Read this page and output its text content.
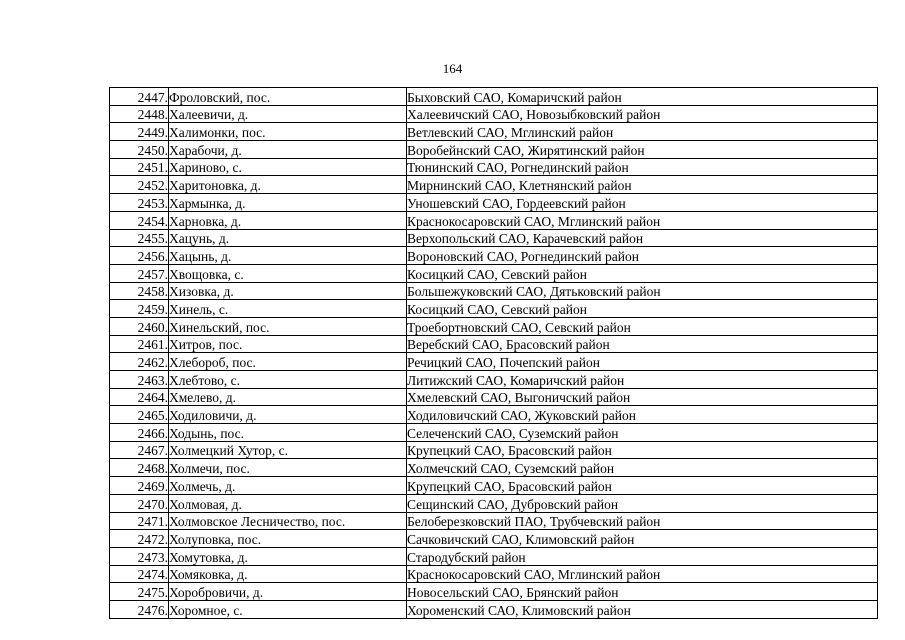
164
2447.	Фроловский, пос.	Быховский САО, Комаричский район
2448.	Халеевичи, д.	Халеевичский САО, Новозыбковский район
2449.	Халимонки, пос.	Ветлевский САО, Мглинский район
2450.	Харабочи, д.	Воробейнский САО, Жирятинский район
2451.	Хариново, с.	Тюнинский САО, Рогнединский район
2452.	Харитоновка, д.	Мирнинский САО, Клетнянский район
2453.	Хармынка, д.	Уношевский САО, Гордеевский район
2454.	Харновка, д.	Краснокосаровский САО, Мглинский район
2455.	Хацунь, д.	Верхопольский САО, Карачевский район
2456.	Хацынь, д.	Вороновский САО, Рогнединский район
2457.	Хвощовка, с.	Косицкий САО, Севский район
2458.	Хизовка, д.	Большежуковский САО, Дятьковский район
2459.	Хинель, с.	Косицкий САО, Севский район
2460.	Хинельский, пос.	Троебортновский САО, Севский район
2461.	Хитров, пос.	Веребский САО, Брасовский район
2462.	Хлебороб, пос.	Речицкий САО, Почепский район
2463.	Хлебтово, с.	Литижский САО, Комаричский район
2464.	Хмелево, д.	Хмелевский САО, Выгоничский район
2465.	Ходиловичи, д.	Ходиловичский САО, Жуковский район
2466.	Ходынь, пос.	Селеченский САО, Суземский район
2467.	Холмецкий Хутор, с.	Крупецкий САО, Брасовский район
2468.	Холмечи, пос.	Холмечский САО, Суземский район
2469.	Холмечь, д.	Крупецкий САО, Брасовский район
2470.	Холмовая, д.	Сещинский САО, Дубровский район
2471.	Холмовское Лесничество, пос.	Белоберезковский ПАО, Трубчевский район
2472.	Холуповка, пос.	Сачковичский САО, Климовский район
2473.	Хомутовка, д.	Стародубский район
2474.	Хомяковка, д.	Краснокосаровский САО, Мглинский район
2475.	Хоробровичи, д.	Новосельский САО, Брянский район
2476.	Хоромное, с.	Хороменский САО, Климовский район
